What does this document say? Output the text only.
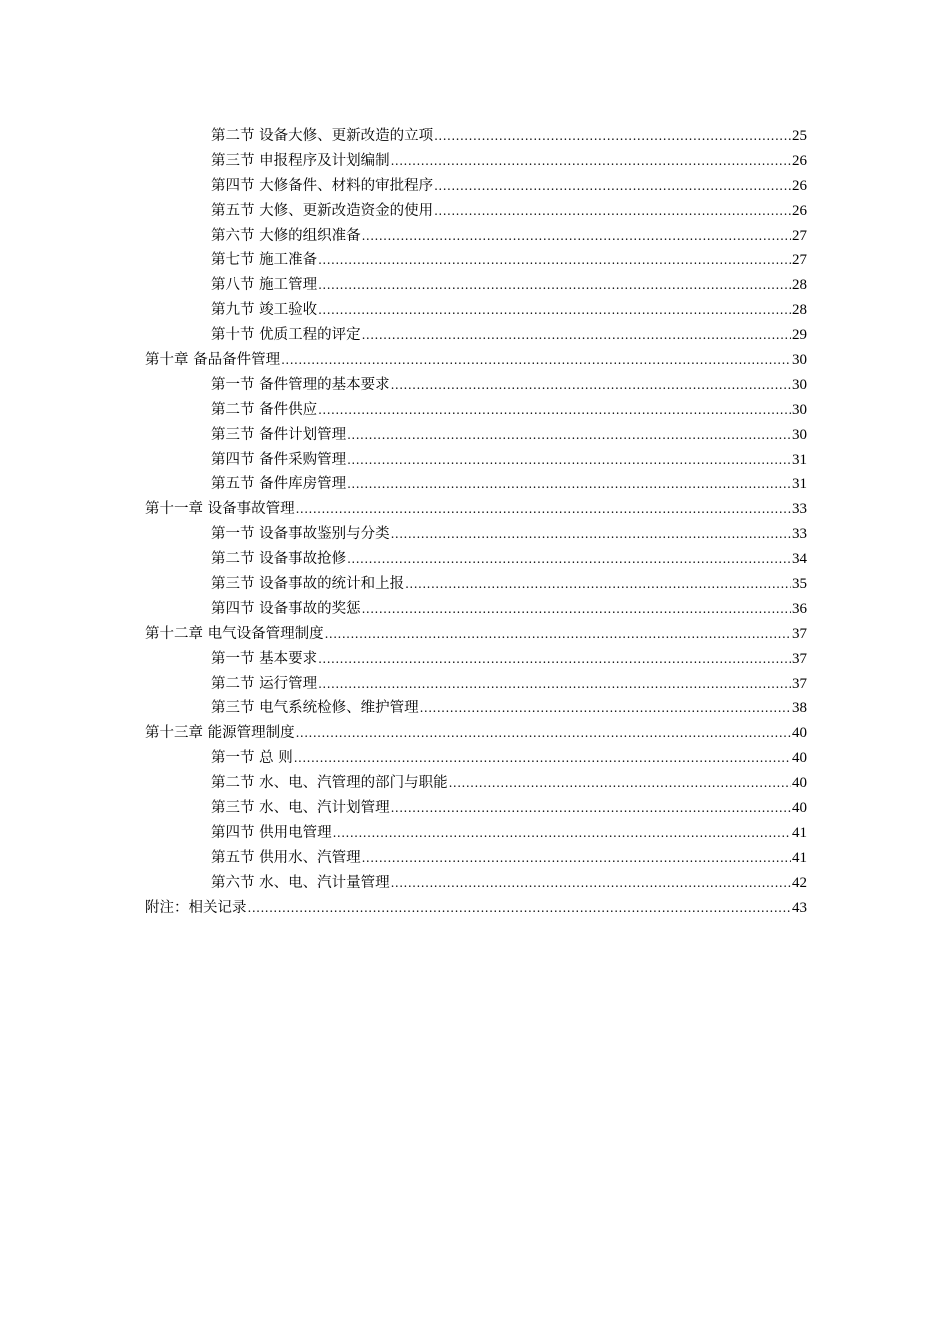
第二节 设备大修、更新改造的立项 .....	25
第三节 申报程序及计划编制 .....	26
第四节 大修备件、材料的审批程序 .....	26
第五节 大修、更新改造资金的使用 .....	26
第六节 大修的组织准备 .....	27
第七节 施工准备 .....	27
第八节 施工管理 .....	28
第九节 竣工验收 .....	28
第十节 优质工程的评定 .....	29
第十章 备品备件管理 .....	30
第一节 备件管理的基本要求 .....	30
第二节 备件供应 .....	30
第三节 备件计划管理 .....	30
第四节 备件采购管理 .....	31
第五节 备件库房管理 .....	31
第十一章 设备事故管理 .....	33
第一节 设备事故鉴别与分类 .....	33
第二节 设备事故抢修 .....	34
第三节 设备事故的统计和上报 .....	35
第四节 设备事故的奖惩 .....	36
第十二章 电气设备管理制度 .....	37
第一节 基本要求 .....	37
第二节 运行管理 .....	37
第三节 电气系统检修、维护管理 .....	38
第十三章 能源管理制度 .....	40
第一节 总 则 .....	40
第二节 水、电、汽管理的部门与职能 .....	40
第三节 水、电、汽计划管理 .....	40
第四节 供用电管理 .....	41
第五节 供用水、汽管理 .....	41
第六节 水、电、汽计量管理 .....	42
附注：相关记录 .....	43
